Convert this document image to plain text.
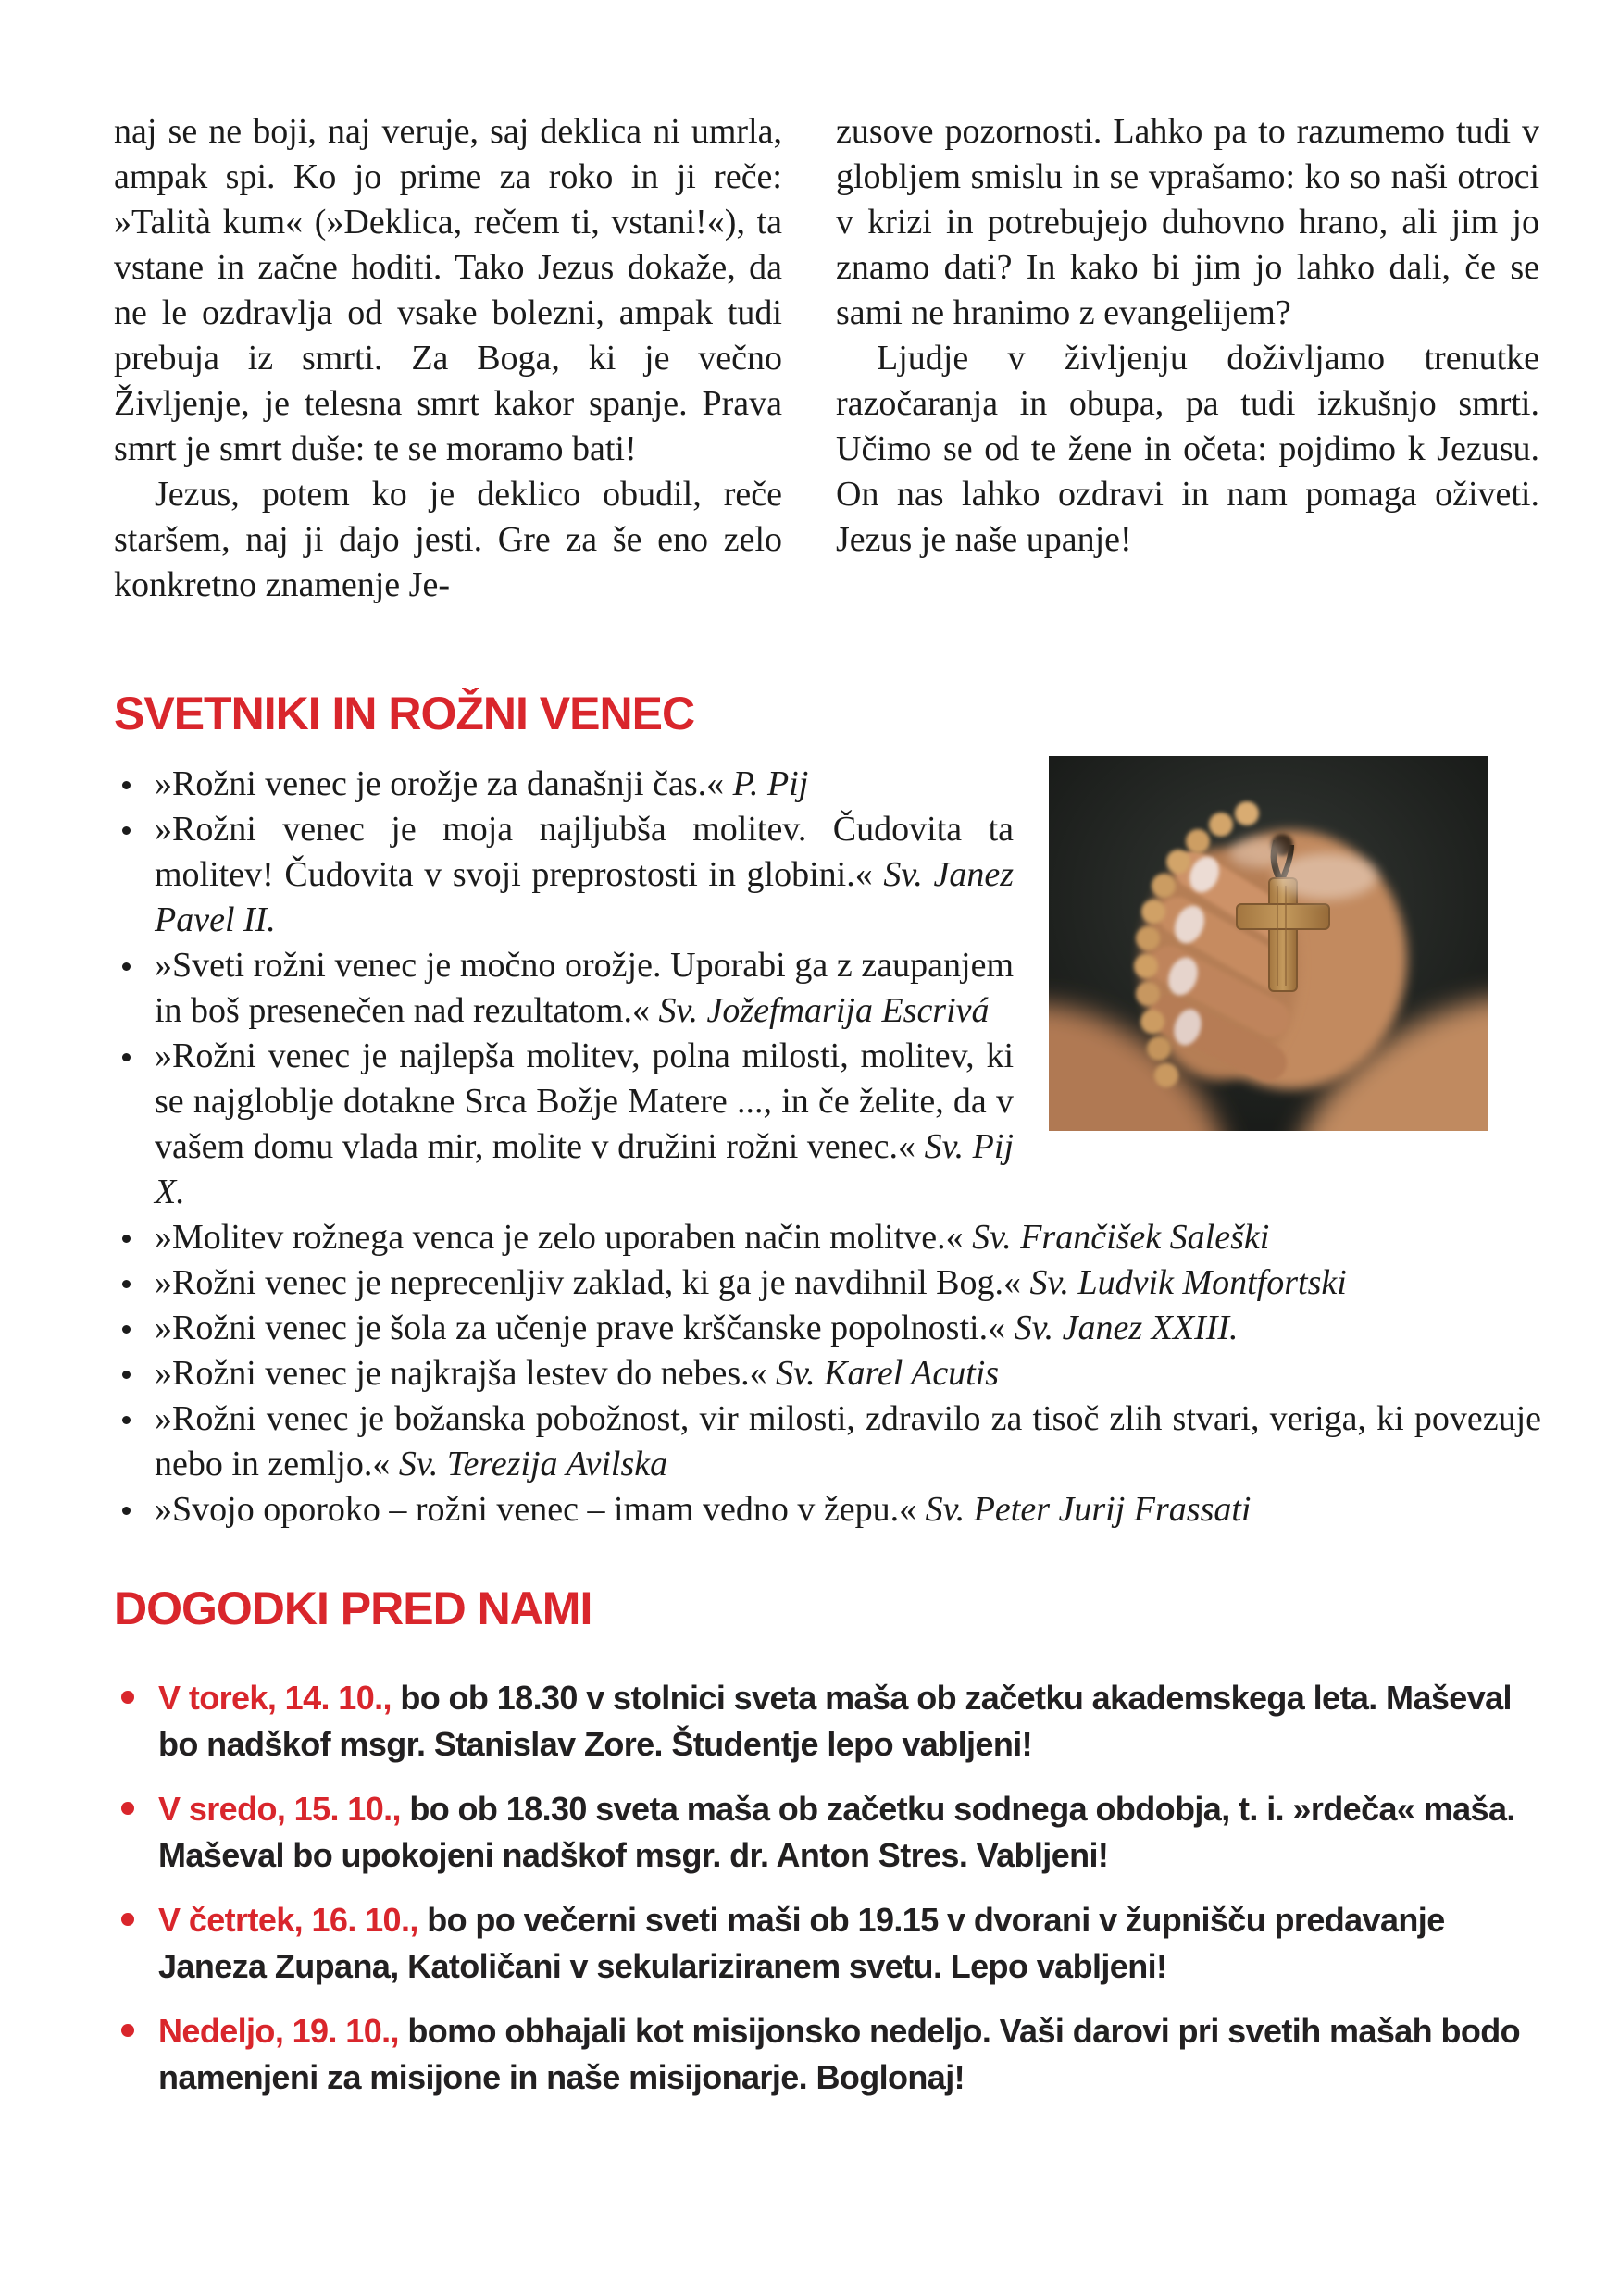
naj se ne boji, naj veruje, saj deklica ni umrla, ampak spi. Ko jo prime za roko in ji reče: »Talità kum« (»Deklica, rečem ti, vstani!«), ta vstane in začne hoditi. Tako Jezus dokaže, da ne le ozdravlja od vsake bolezni, ampak tudi prebuja iz smrti. Za Boga, ki je večno Življenje, je telesna smrt kakor spanje. Prava smrt je smrt duše: te se moramo bati!

Jezus, potem ko je deklico obudil, reče staršem, naj ji dajo jesti. Gre za še eno zelo konkretno znamenje Je-

zusove pozornosti. Lahko pa to razumemo tudi v globljem smislu in se vprašamo: ko so naši otroci v krizi in potrebujejo duhovno hrano, ali jim jo znamo dati? In kako bi jim jo lahko dali, če se sami ne hranimo z evangelijem?

Ljudje v življenju doživljamo trenutke razočaranja in obupa, pa tudi izkušnjo smrti. Učimo se od te žene in očeta: pojdimo k Jezusu. On nas lahko ozdravi in nam pomaga oživeti. Jezus je naše upanje!

SVETNIKI IN ROŽNI VENEC
»Rožni venec je orožje za današnji čas.« P. Pij
»Rožni venec je moja najljubša molitev. Čudovita ta molitev! Čudovita v svoji preprostosti in globini.« Sv. Janez Pavel II.
»Sveti rožni venec je močno orožje. Uporabi ga z zaupanjem in boš presenečen nad rezultatom.« Sv. Jožefmarija Escrivá
»Rožni venec je najlepša molitev, polna milosti, molitev, ki se najgloblje dotakne Srca Božje Matere ..., in če želite, da v vašem domu vlada mir, molite v družini rožni venec.« Sv. Pij X.
»Molitev rožnega venca je zelo uporaben način molitve.« Sv. Frančišek Saleški
»Rožni venec je neprecenljiv zaklad, ki ga je navdihnil Bog.« Sv. Ludvik Montfortski
»Rožni venec je šola za učenje prave krščanske popolnosti.« Sv. Janez XXIII.
»Rožni venec je najkrajša lestev do nebes.« Sv. Karel Acutis
»Rožni venec je božanska pobožnost, vir milosti, zdravilo za tisoč zlih stvari, veriga, ki povezuje nebo in zemljo.« Sv. Terezija Avilska
»Svojo oporoko – rožni venec – imam vedno v žepu.« Sv. Peter Jurij Frassati
DOGODKI PRED NAMI
V torek, 14. 10., bo ob 18.30 v stolnici sveta maša ob začetku akademskega leta. Maševal bo nadškof msgr. Stanislav Zore. Študentje lepo vabljeni!
V sredo, 15. 10., bo ob 18.30 sveta maša ob začetku sodnega obdobja, t. i. »rdeča« maša. Maševal bo upokojeni nadškof msgr. dr. Anton Stres. Vabljeni!
V četrtek, 16. 10., bo po večerni sveti maši ob 19.15 v dvorani v župnišču predavanje Janeza Zupana, Katoličani v sekulariziranem svetu. Lepo vabljeni!
Nedeljo, 19. 10., bomo obhajali kot misijonsko nedeljo. Vaši darovi pri svetih mašah bodo namenjeni za misijone in naše misijonarje. Boglonaj!
